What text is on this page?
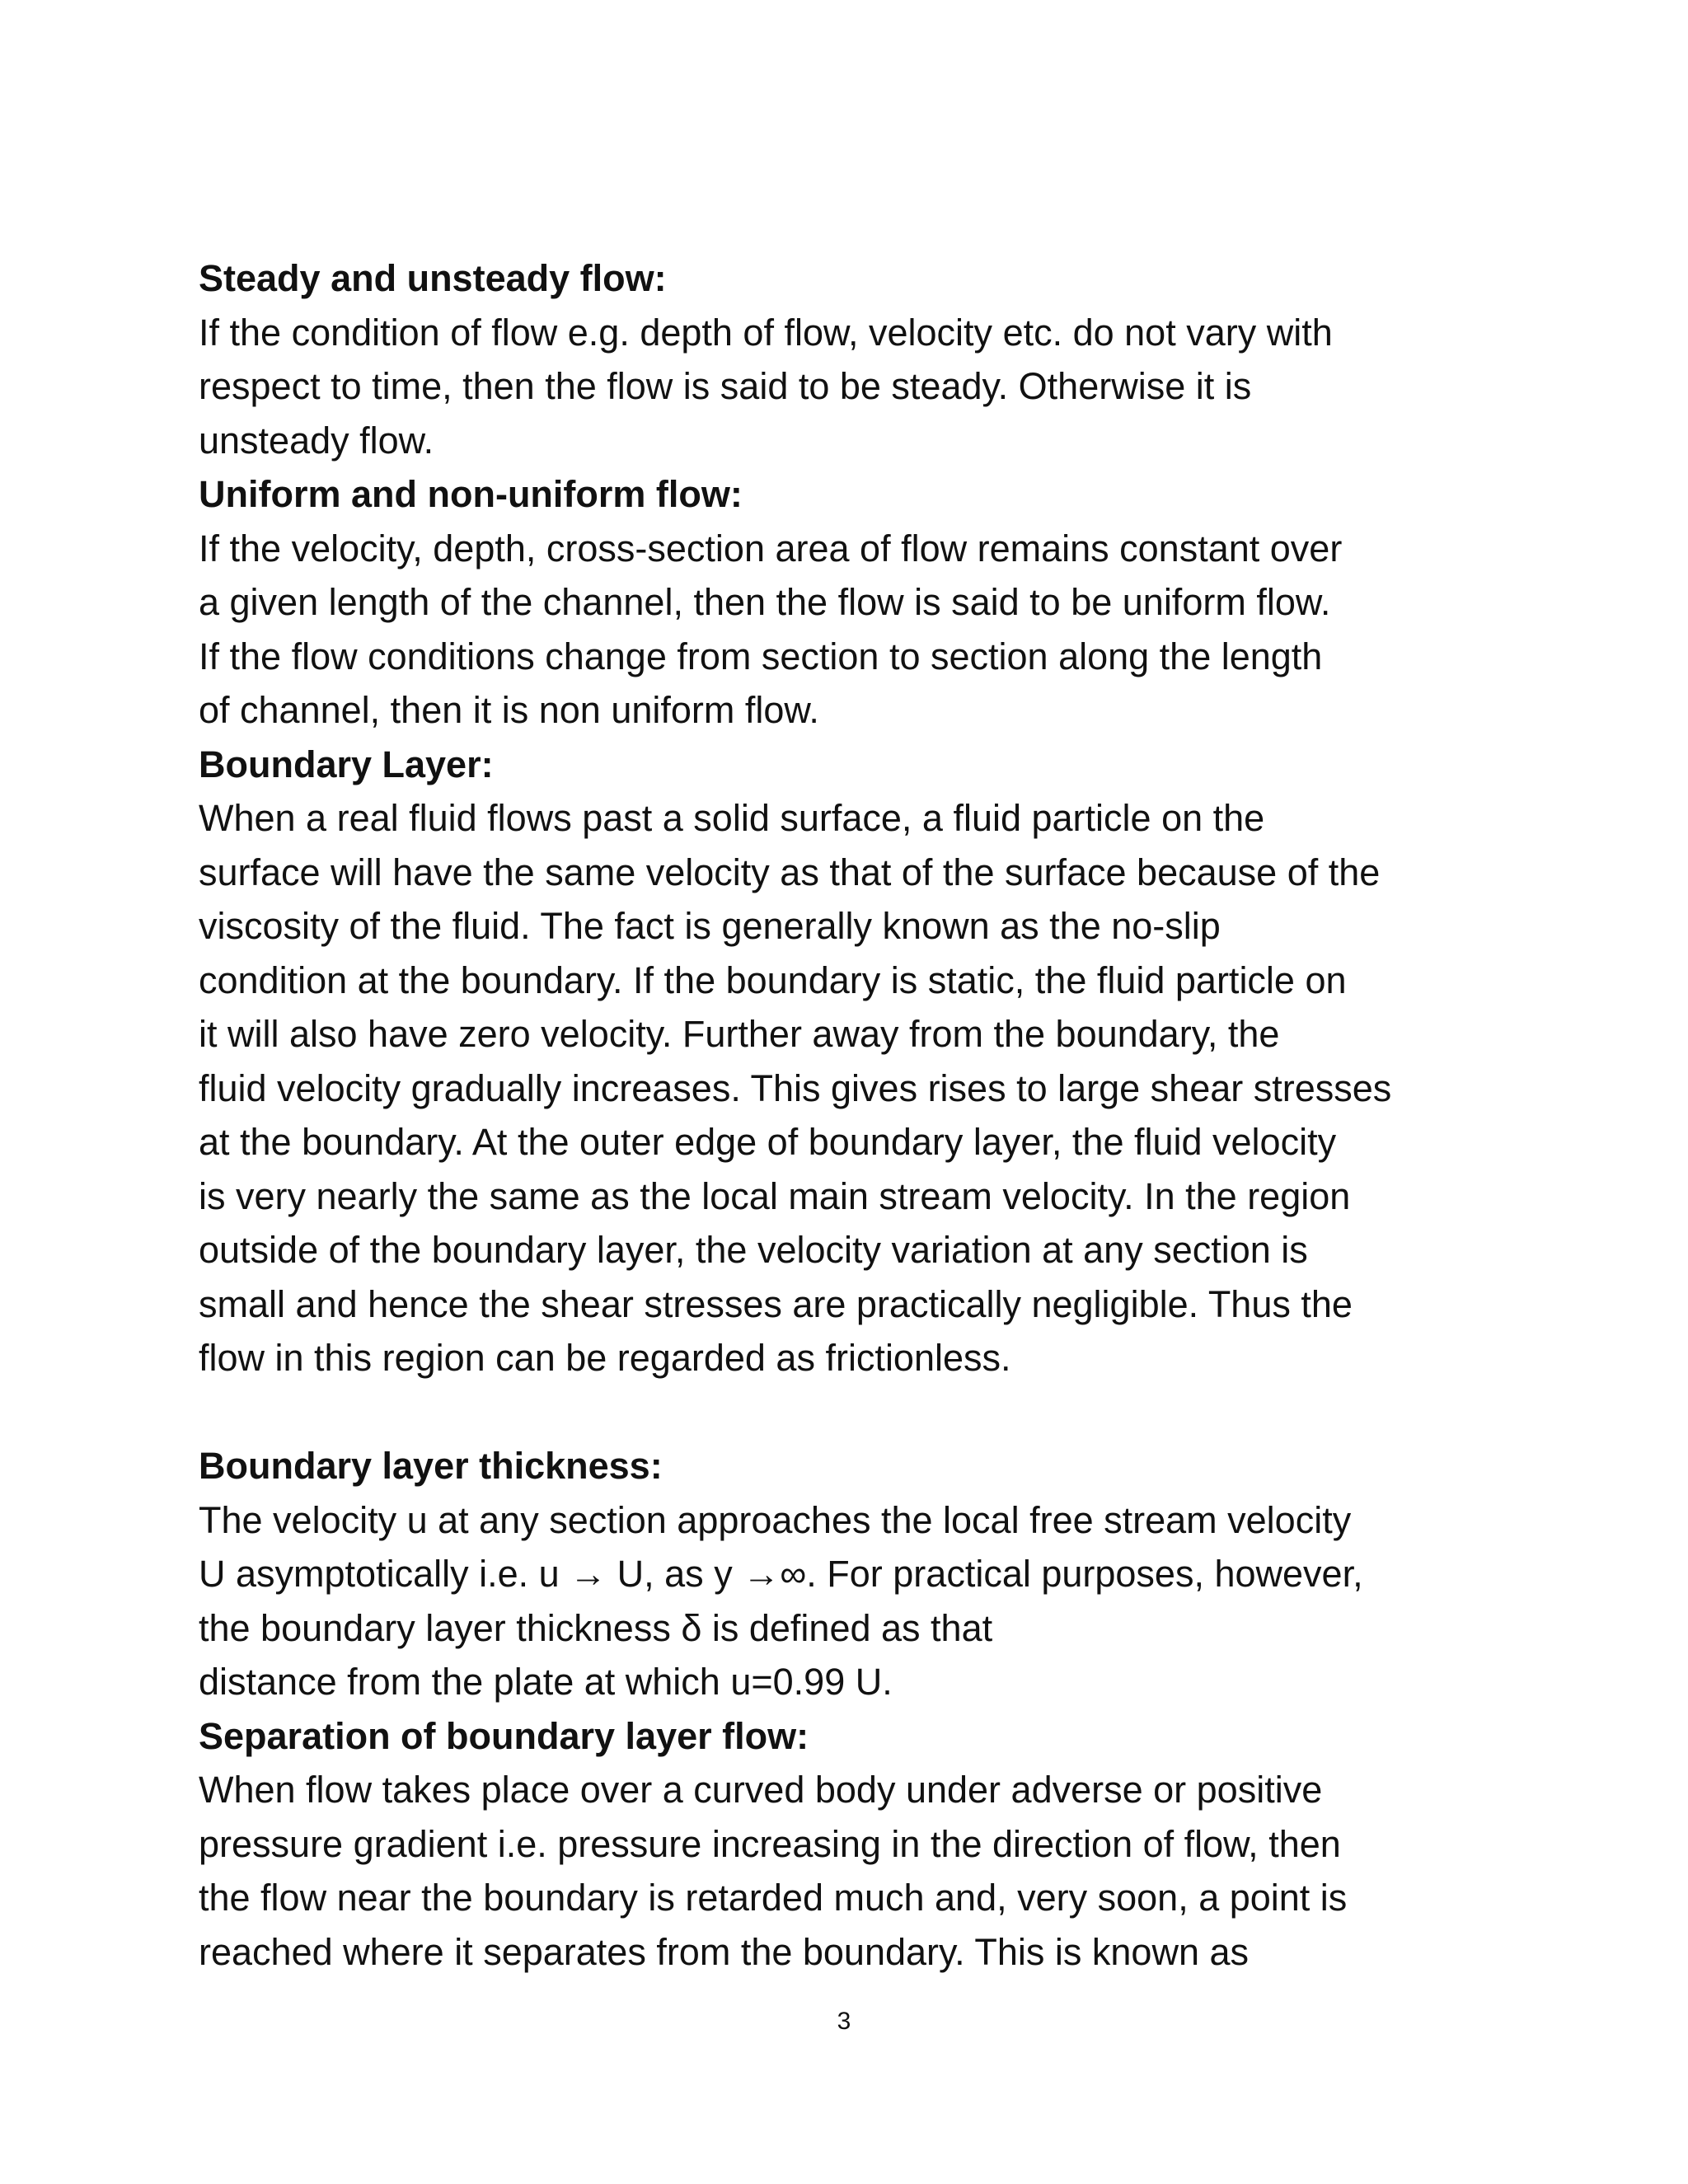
Steady and unsteady flow:

If the condition of flow e.g. depth of flow, velocity etc. do not vary with
respect to time, then the flow is said to be steady. Otherwise it is
unsteady flow.

Uniform and non-uniform flow:

If the velocity, depth, cross-section area of flow remains constant over
a given length of the channel, then the flow is said to be uniform flow.
If the flow conditions change from section to section along the length
of channel, then it is non uniform flow.

Boundary Layer:

When a real fluid flows past a solid surface, a fluid particle on the
surface will have the same velocity as that of the surface because of the
viscosity of the fluid. The fact is generally known as the no-slip
condition at the boundary. If the boundary is static, the fluid particle on
it will also have zero velocity. Further away from the boundary, the
fluid velocity gradually increases. This gives rises to large shear stresses
at the boundary. At the outer edge of boundary layer, the fluid velocity
is very nearly the same as the local main stream velocity. In the region
outside of the boundary layer, the velocity variation at any section is
small and hence the shear stresses are practically negligible. Thus the
flow in this region can be regarded as frictionless.

Boundary layer thickness:

The velocity u at any section approaches the local free stream velocity
U asymptotically i.e. u → U, as y →∞. For practical purposes, however,
the boundary layer thickness δ is defined as that
distance from the plate at which u=0.99 U.

Separation of boundary layer flow:

When flow takes place over a curved body under adverse or positive
pressure gradient i.e. pressure increasing in the direction of flow, then
the flow near the boundary is retarded much and, very soon, a point is
reached where it separates from the boundary. This is known as

3
